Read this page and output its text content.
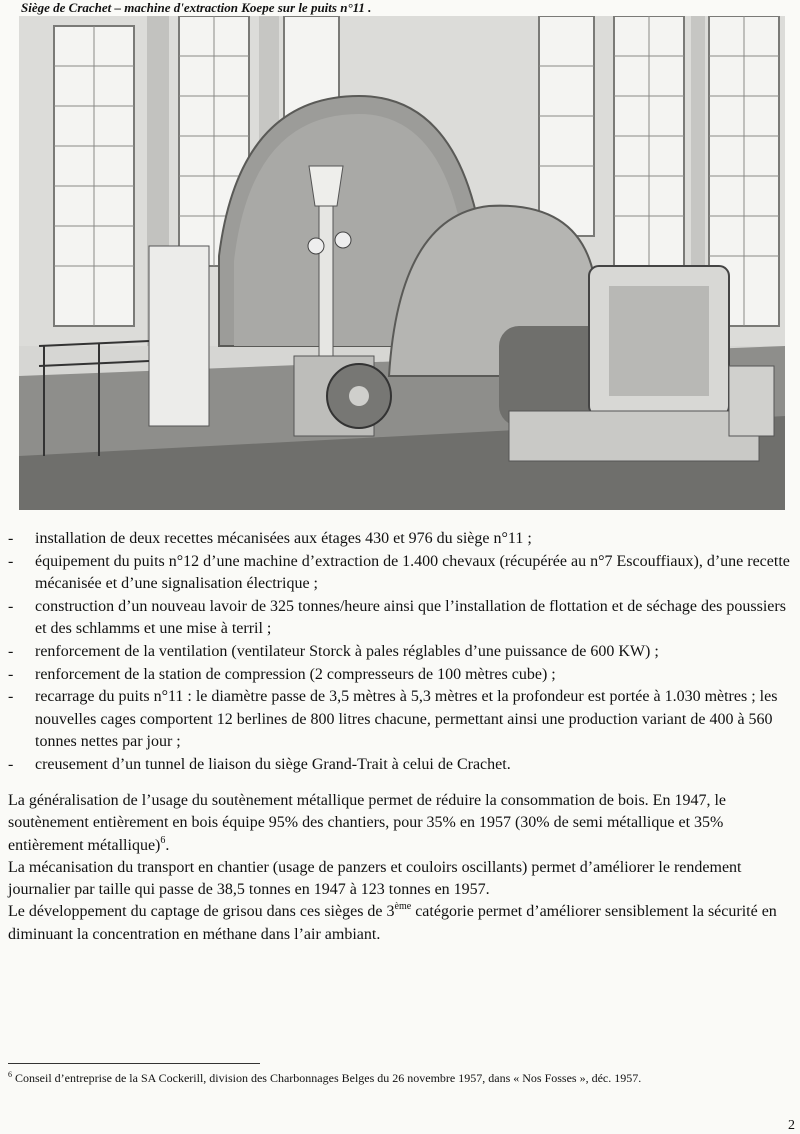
Siège de Crachet – machine d'extraction Koepe sur le puits n°11 .
- installation de deux recettes mécanisées aux étages 430 et 976 du siège n°11 ;
- équipement du puits n°12 d’une machine d’extraction de 1.400 chevaux (récupérée au n°7 Escouffiaux), d’une recette mécanisée et d’une signalisation électrique ;
- construction d’un nouveau lavoir de 325 tonnes/heure ainsi que l’installation de flottation et de séchage des poussiers et des schlamms et une mise à terril ;
- renforcement de la ventilation (ventilateur Storck à pales réglables d’une puissance de 600 KW) ;
- renforcement de la station de compression (2 compresseurs de 100 mètres cube) ;
- recarrage du puits n°11 : le diamètre passe de 3,5 mètres à 5,3 mètres et la profondeur est portée à 1.030 mètres ; les nouvelles cages comportent 12 berlines de 800 litres chacune, permettant ainsi une production variant de 400 à 560 tonnes nettes par jour ;
- creusement d’un tunnel de liaison du siège Grand-Trait à celui de Crachet.

La généralisation de l’usage du soutènement métallique permet de réduire la consommation de bois. En 1947, le soutènement entièrement en bois équipe 95% des chantiers, pour 35% en 1957 (30% de semi métallique et 35% entièrement métallique)$^6$.

La mécanisation du transport en chantier (usage de panzers et couloirs oscillants) permet d’améliorer le rendement journalier par taille qui passe de 38,5 tonnes en 1947 à 123 tonnes en 1957.

Le développement du captage de grisou dans ces sièges de 3ème catégorie permet d’améliorer sensiblement la sécurité en diminuant la concentration en méthane dans l’air ambiant.

$^6$ Conseil d’entreprise de la SA Cockerill, division des Charbonnages Belges du 26 novembre 1957, dans « Nos Fosses », déc. 1957.
2
